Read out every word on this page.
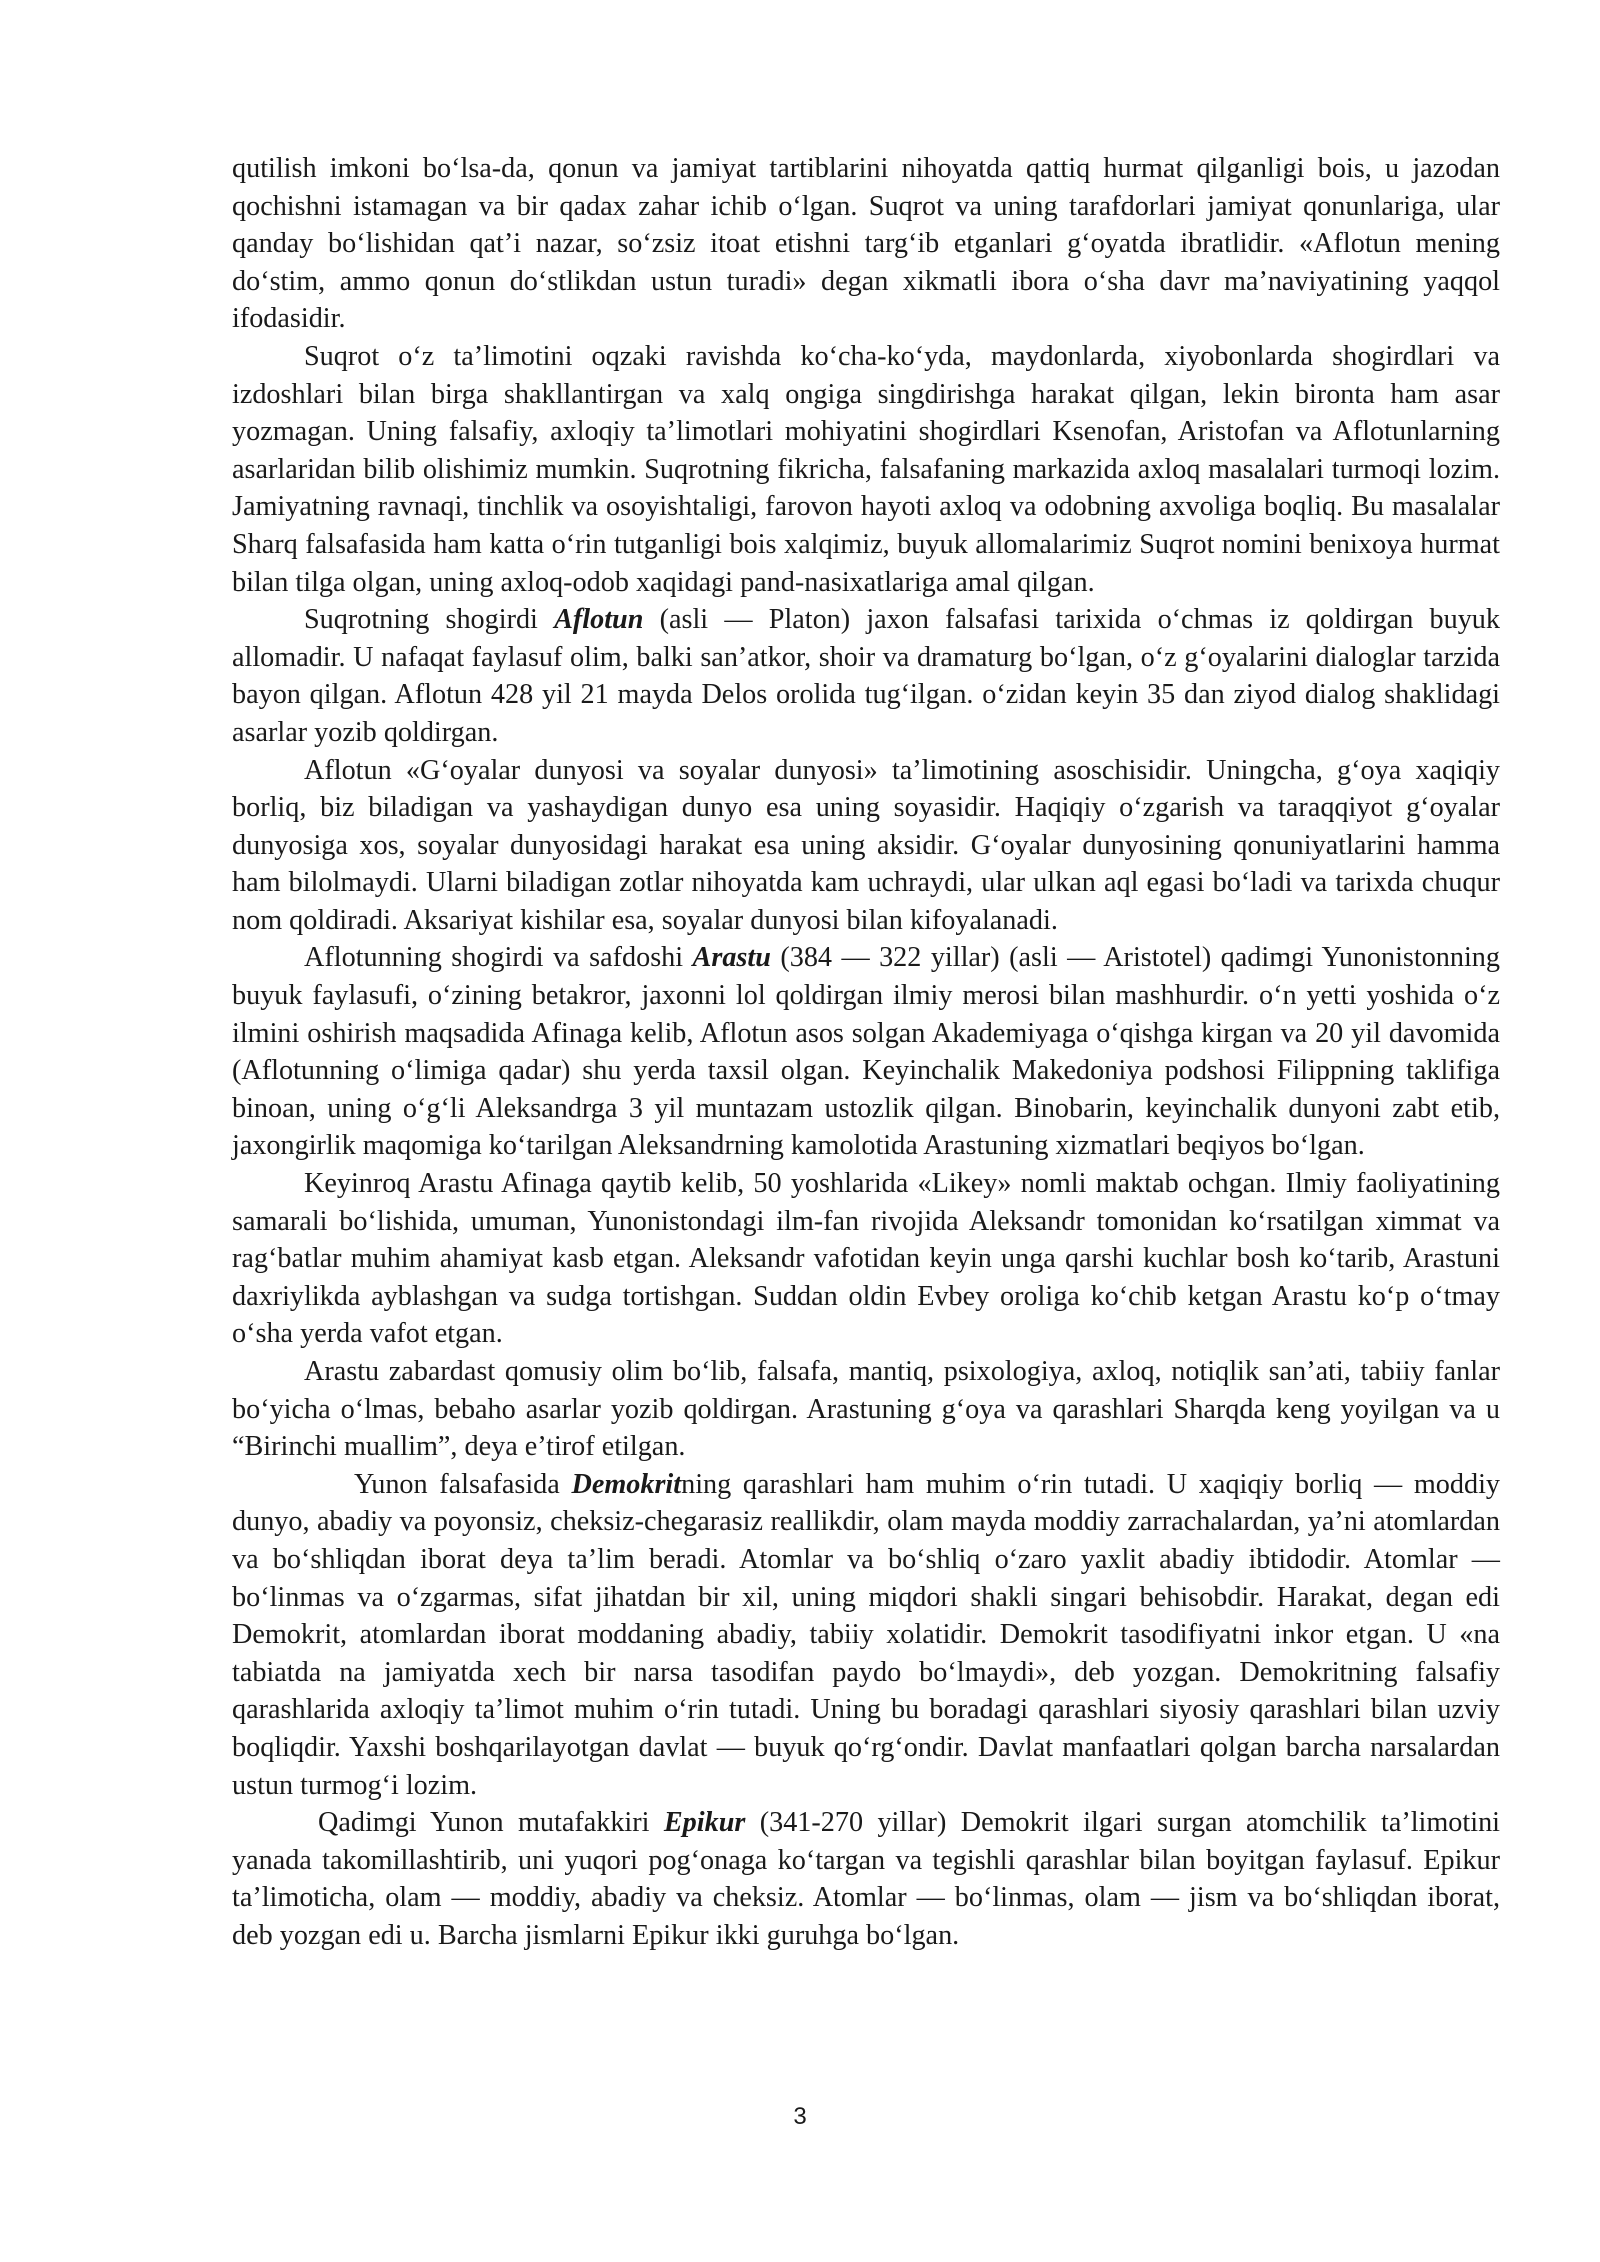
qutilish imkoni bo‘lsa-da, qonun va jamiyat tartiblarini nihoyatda qattiq hurmat qilganligi bois, u jazodan qochishni istamagan va bir qadax zahar ichib o‘lgan. Suqrot va uning tarafdorlari jamiyat qonunlariga, ular qanday bo‘lishidan qat’i nazar, so‘zsiz itoat etishni targ‘ib etganlari g‘oyatda ibratlidir. «Aflotun mening do‘stim, ammo qonun do‘stlikdan ustun turadi» degan xikmatli ibora o‘sha davr ma’naviyatining yaqqol ifodasidir.

Suqrot o‘z ta’limotini oqzaki ravishda ko‘cha-ko‘yda, maydonlarda, xiyobonlarda shogirdlari va izdoshlari bilan birga shakllantirgan va xalq ongiga singdirishga harakat qilgan, lekin bironta ham asar yozmagan. Uning falsafiy, axloqiy ta’limotlari mohiyatini shogirdlari Ksenofan, Aristofan va Aflotunlarning asarlaridan bilib olishimiz mumkin. Suqrotning fikricha, falsafaning markazida axloq masalalari turmoqi lozim. Jamiyatning ravnaqi, tinchlik va osoyishtaligi, farovon hayoti axloq va odobning axvoliga boqliq. Bu masalalar Sharq falsafasida ham katta o‘rin tutganligi bois xalqimiz, buyuk allomalarimiz Suqrot nomini benixoya hurmat bilan tilga olgan, uning axloq-odob xaqidagi pand-nasixatlariga amal qilgan.

Suqrotning shogirdi Aflotun (asli — Platon) jaxon falsafasi tarixida o‘chmas iz qoldirgan buyuk allomadir. U nafaqat faylasuf olim, balki san’atkor, shoir va dramaturg bo‘lgan, o‘z g‘oyalarini dialoglar tarzida bayon qilgan. Aflotun 428 yil 21 mayda Delos orolida tug‘ilgan. o‘zidan keyin 35 dan ziyod dialog shaklidagi asarlar yozib qoldirgan.

Aflotun «G‘oyalar dunyosi va soyalar dunyosi» ta’limotining asoschisidir. Uningcha, g‘oya xaqiqiy borliq, biz biladigan va yashaydigan dunyo esa uning soyasidir. Haqiqiy o‘zgarish va taraqqiyot g‘oyalar dunyosiga xos, soyalar dunyosidagi harakat esa uning aksidir. G‘oyalar dunyosining qonuniyatlarini hamma ham bilolmaydi. Ularni biladigan zotlar nihoyatda kam uchraydi, ular ulkan aql egasi bo‘ladi va tarixda chuqur nom qoldiradi. Aksariyat kishilar esa, soyalar dunyosi bilan kifoyalanadi.

Aflotunning shogirdi va safdoshi Arastu (384 — 322 yillar) (asli — Aristotel) qadimgi Yunonistonning buyuk faylasufi, o‘zining betakror, jaxonni lol qoldirgan ilmiy merosi bilan mashhurdir. o‘n yetti yoshida o‘z ilmini oshirish maqsadida Afinaga kelib, Aflotun asos solgan Akademiyaga o‘qishga kirgan va 20 yil davomida (Aflotunning o‘limiga qadar) shu yerda taxsil olgan. Keyinchalik Makedoniya podshosi Filippning taklifiga binoan, uning o‘g‘li Aleksandrga 3 yil muntazam ustozlik qilgan. Binobarin, keyinchalik dunyoni zabt etib, jaxongirlik maqomiga ko‘tarilgan Aleksandrning kamolotida Arastuning xizmatlari beqiyos bo‘lgan.

Keyinroq Arastu Afinaga qaytib kelib, 50 yoshlarida «Likey» nomli maktab ochgan. Ilmiy faoliyatining samarali bo‘lishida, umuman, Yunonistondagi ilm-fan rivojida Aleksandr tomonidan ko‘rsatilgan ximmat va rag‘batlar muhim ahamiyat kasb etgan. Aleksandr vafotidan keyin unga qarshi kuchlar bosh ko‘tarib, Arastuni daxriylikda ayblashgan va sudga tortishgan. Suddan oldin Evbey oroliga ko‘chib ketgan Arastu ko‘p o‘tmay o‘sha yerda vafot etgan.

Arastu zabardast qomusiy olim bo‘lib, falsafa, mantiq, psixologiya, axloq, notiqlik san’ati, tabiiy fanlar bo‘yicha o‘lmas, bebaho asarlar yozib qoldirgan. Arastuning g‘oya va qarashlari Sharqda keng yoyilgan va u “Birinchi muallim”, deya e’tirof etilgan.

Yunon falsafasida Demokritning qarashlari ham muhim o‘rin tutadi. U xaqiqiy borliq — moddiy dunyo, abadiy va poyonsiz, cheksiz-chegarasiz reallikdir, olam mayda moddiy zarrachalardan, ya’ni atomlardan va bo‘shliqdan iborat deya ta’lim beradi. Atomlar va bo‘shliq o‘zaro yaxlit abadiy ibtidodir. Atomlar — bo‘linmas va o‘zgarmas, sifat jihatdan bir xil, uning miqdori shakli singari behisobdir. Harakat, degan edi Demokrit, atomlardan iborat moddaning abadiy, tabiiy xolatidir. Demokrit tasodifiyatni inkor etgan. U «na tabiatda na jamiyatda xech bir narsa tasodifan paydo bo‘lmaydi», deb yozgan. Demokritning falsafiy qarashlarida axloqiy ta’limot muhim o‘rin tutadi. Uning bu boradagi qarashlari siyosiy qarashlari bilan uzviy boqliqdir. Yaxshi boshqarilayotgan davlat — buyuk qo‘rg‘ondir. Davlat manfaatlari qolgan barcha narsalardan ustun turmog‘i lozim.

Qadimgi Yunon mutafakkiri Epikur (341-270 yillar) Demokrit ilgari surgan atomchilik ta’limotini yanada takomillashtirib, uni yuqori pog‘onaga ko‘targan va tegishli qarashlar bilan boyitgan faylasuf. Epikur ta’limoticha, olam — moddiy, abadiy va cheksiz. Atomlar — bo‘linmas, olam — jism va bo‘shliqdan iborat, deb yozgan edi u. Barcha jismlarni Epikur ikki guruhga bo‘lgan.

3
